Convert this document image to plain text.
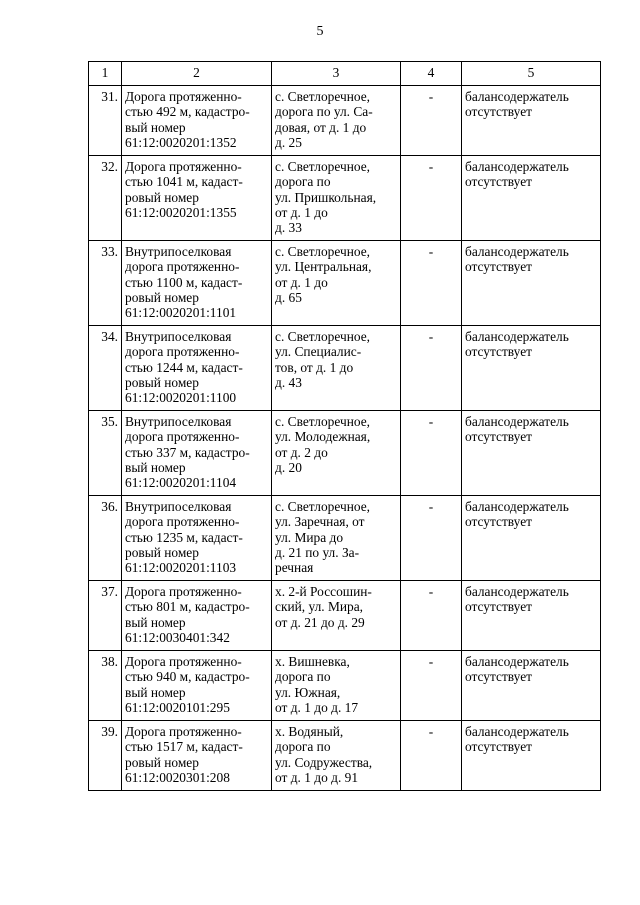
5
1	2	3	4	5
31.	Дорога протяженно-
стью 492 м, кадастро-
вый номер
61:12:0020201:1352	с. Светлоречное,
дорога по ул. Са-
довая, от д. 1 до
д. 25	-	балансодержатель
отсутствует

32.	Дорога протяженно-
стью 1041 м, кадаст-
ровый номер
61:12:0020201:1355	с. Светлоречное,
дорога по
ул. Пришкольная,
от д. 1 до
д. 33	-	балансодержатель
отсутствует

33.	Внутрипоселковая
дорога протяженно-
стью 1100 м, кадаст-
ровый номер
61:12:0020201:1101	с. Светлоречное,
ул. Центральная,
от д. 1 до
д. 65	-	балансодержатель
отсутствует

34.	Внутрипоселковая
дорога протяженно-
стью 1244 м, кадаст-
ровый номер
61:12:0020201:1100	с. Светлоречное,
ул. Специалис-
тов, от д. 1 до
д. 43	-	балансодержатель
отсутствует

35.	Внутрипоселковая
дорога протяженно-
стью 337 м, кадастро-
вый номер
61:12:0020201:1104	с. Светлоречное,
ул. Молодежная,
от д. 2 до
д. 20	-	балансодержатель
отсутствует

36.	Внутрипоселковая
дорога протяженно-
стью 1235 м, кадаст-
ровый номер
61:12:0020201:1103	с. Светлоречное,
ул. Заречная, от
ул. Мира до
д. 21 по ул. За-
речная	-	балансодержатель
отсутствует

37.	Дорога протяженно-
стью 801 м, кадастро-
вый номер
61:12:0030401:342	х. 2-й Россошин-
ский, ул. Мира,
от д. 21 до д. 29	-	балансодержатель
отсутствует

38.	Дорога протяженно-
стью 940 м, кадастро-
вый номер
61:12:0020101:295	х. Вишневка,
дорога по
ул. Южная,
от д. 1 до д. 17	-	балансодержатель
отсутствует

39.	Дорога протяженно-
стью 1517 м, кадаст-
ровый номер
61:12:0020301:208	х. Водяный,
дорога по
ул. Содружества,
от д. 1 до д. 91	-	балансодержатель
отсутствует
